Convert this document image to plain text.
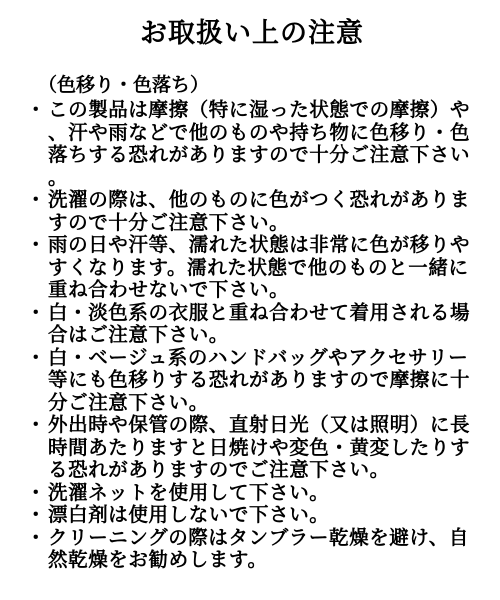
お取扱い上の注意
（色移り・色落ち）
・ この製品は摩擦（特に湿った状態での摩擦）や、汗や雨などで他のものや持ち物に色移り・色落ちする恐れがありますので十分ご注意下さい。
・ 洗濯の際は、他のものに色がつく恐れがありますので十分ご注意下さい。
・ 雨の日や汗等、濡れた状態は非常に色が移りやすくなります。濡れた状態で他のものと一緒に重ね合わせないで下さい。
・ 白・淡色系の衣服と重ね合わせて着用される場合はご注意下さい。
・ 白・ベージュ系のハンドバッグやアクセサリー等にも色移りする恐れがありますので摩擦に十分ご注意下さい。
・ 外出時や保管の際、直射日光（又は照明）に長時間あたりますと日焼けや変色・黄変したりする恐れがありますのでご注意下さい。
・ 洗濯ネットを使用して下さい。
・ 漂白剤は使用しないで下さい。
・ クリーニングの際はタンブラー乾燥を避け、自然乾燥をお勧めします。
